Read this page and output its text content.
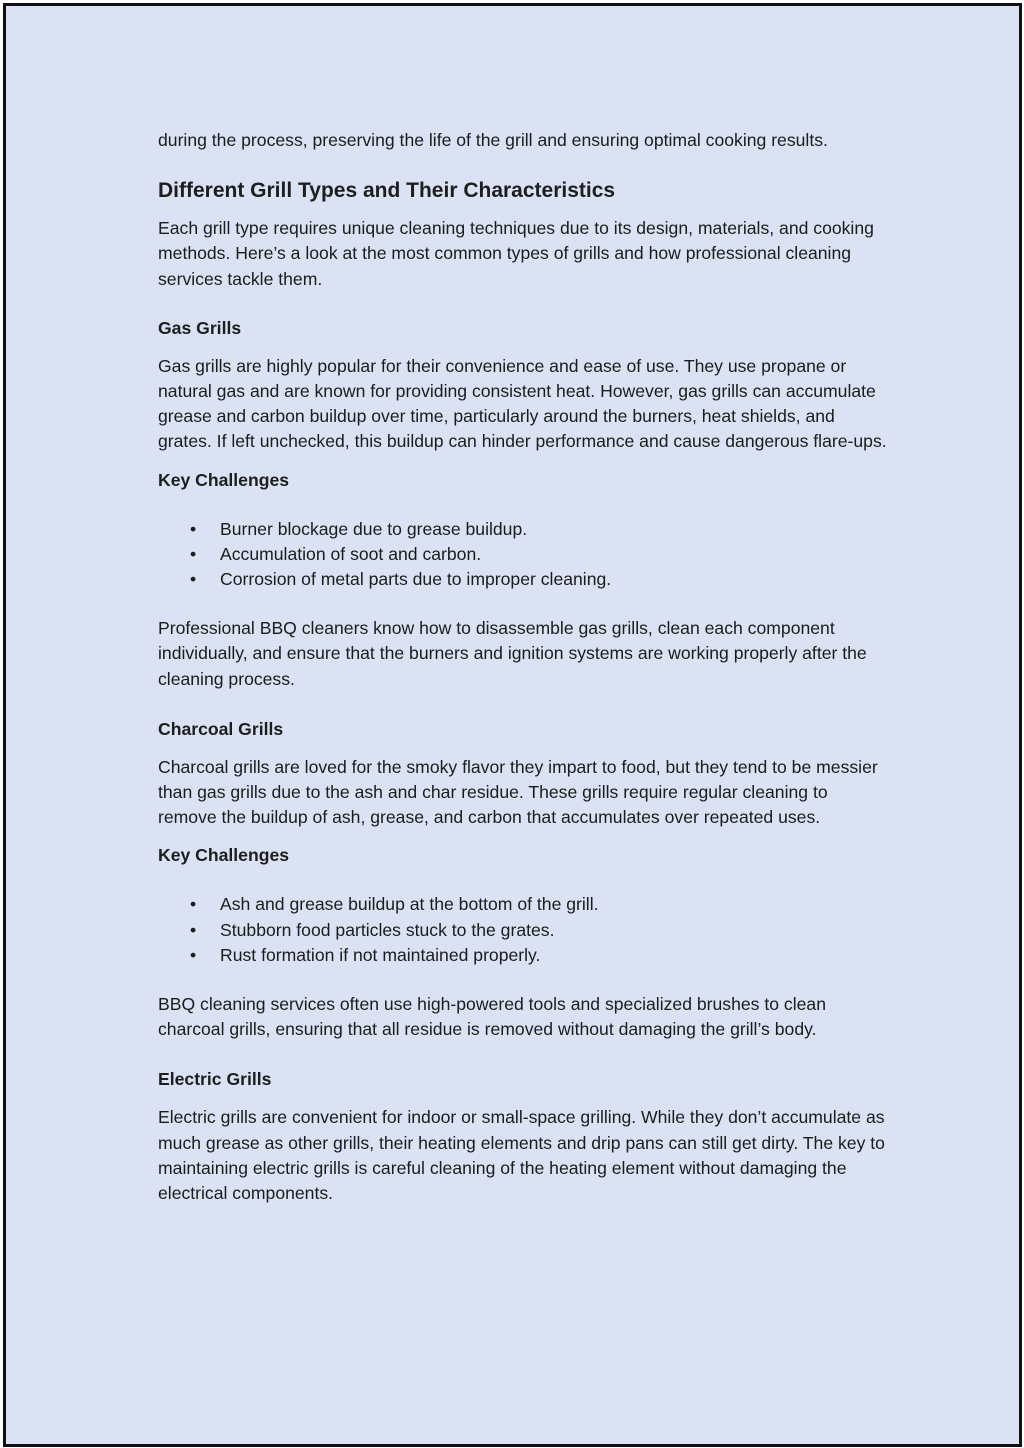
during the process, preserving the life of the grill and ensuring optimal cooking results.

Different Grill Types and Their Characteristics

Each grill type requires unique cleaning techniques due to its design, materials, and cooking methods. Here’s a look at the most common types of grills and how professional cleaning services tackle them.

Gas Grills

Gas grills are highly popular for their convenience and ease of use. They use propane or natural gas and are known for providing consistent heat. However, gas grills can accumulate grease and carbon buildup over time, particularly around the burners, heat shields, and grates. If left unchecked, this buildup can hinder performance and cause dangerous flare-ups.

Key Challenges
• Burner blockage due to grease buildup.
• Accumulation of soot and carbon.
• Corrosion of metal parts due to improper cleaning.

Professional BBQ cleaners know how to disassemble gas grills, clean each component individually, and ensure that the burners and ignition systems are working properly after the cleaning process.

Charcoal Grills

Charcoal grills are loved for the smoky flavor they impart to food, but they tend to be messier than gas grills due to the ash and char residue. These grills require regular cleaning to remove the buildup of ash, grease, and carbon that accumulates over repeated uses.

Key Challenges
• Ash and grease buildup at the bottom of the grill.
• Stubborn food particles stuck to the grates.
• Rust formation if not maintained properly.

BBQ cleaning services often use high-powered tools and specialized brushes to clean charcoal grills, ensuring that all residue is removed without damaging the grill’s body.

Electric Grills

Electric grills are convenient for indoor or small-space grilling. While they don’t accumulate as much grease as other grills, their heating elements and drip pans can still get dirty. The key to maintaining electric grills is careful cleaning of the heating element without damaging the electrical components.
